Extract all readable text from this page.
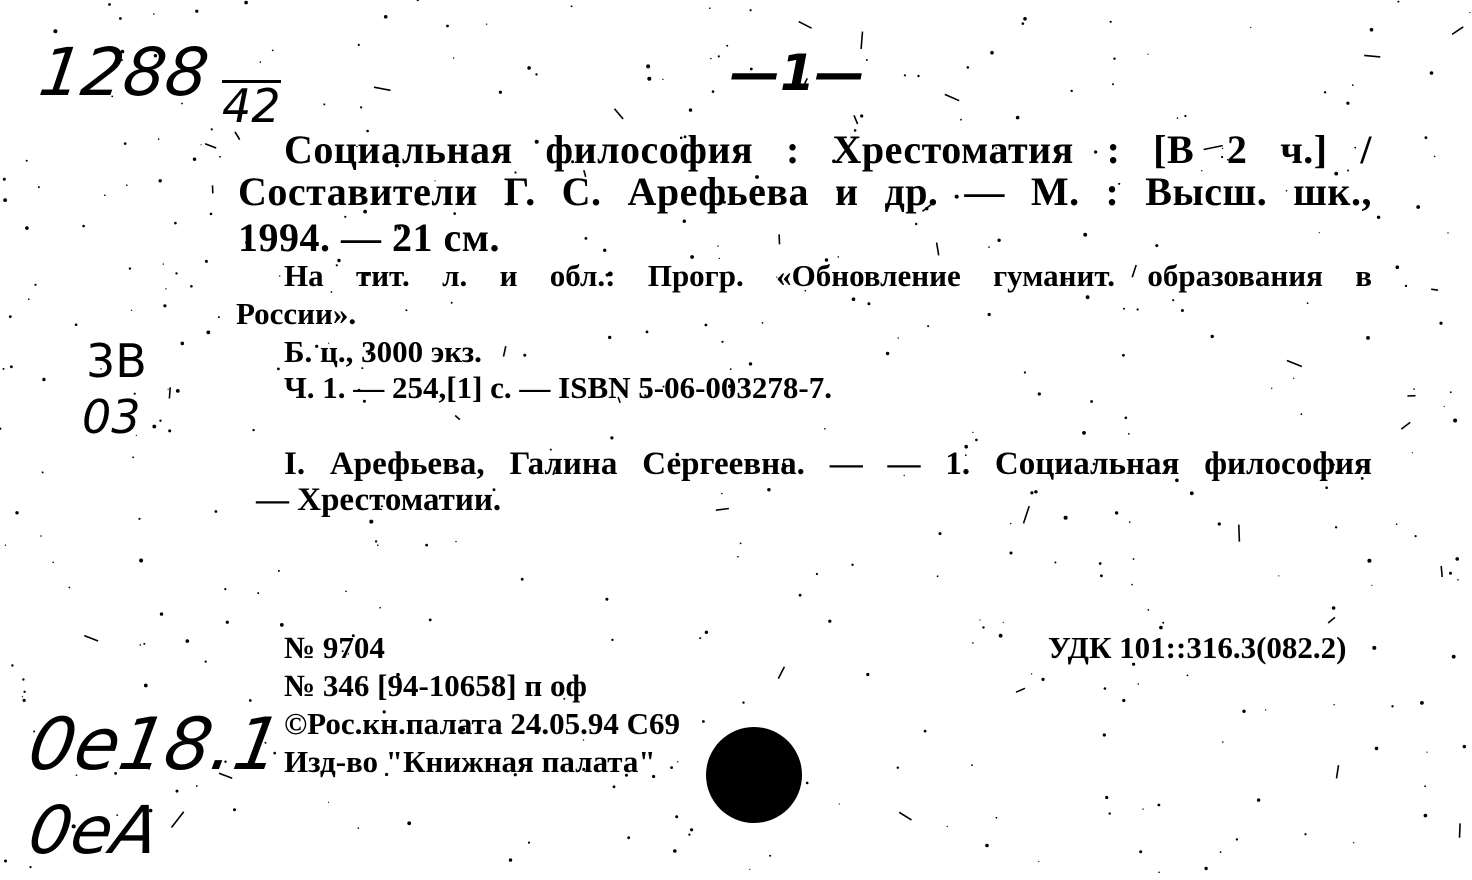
1288 42
—1—
3B
03
0e18.1
0eA
Социальная философия : Хрестоматия : [В 2 ч.] /
Составители Г. С. Арефьева и др. — М. : Высш. шк.,
1994. — 21 см.
На тит. л. и обл.: Прогр. «Обновление гуманит. образования в
России».
Б. ц., 3000 экз.
Ч. 1. — 254,[1] с. — ISBN 5-06-003278-7.
I. Арефьева, Галина Сергеевна. — — 1. Социальная философия
— Хрестоматии.
№ 9704	УДК 101::316.3(082.2)
№ 346 [94-10658] п оф
©Рос.кн.палата 24.05.94 С69
Изд-во "Книжная палата"
